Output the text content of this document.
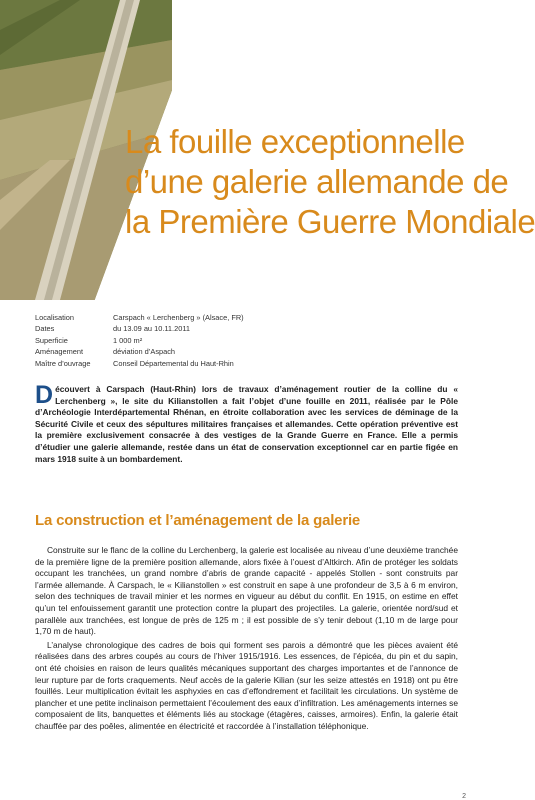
La fouille exceptionnelle
d’une galerie allemande de
la Première Guerre Mondiale
Localisation	Carspach « Lerchenberg » (Alsace, FR)
Dates	du 13.09 au 10.11.2011
Superficie	1 000 m²
Aménagement	déviation d’Aspach
Maître d’ouvrage	Conseil Départemental du Haut-Rhin
Découvert à Carspach (Haut-Rhin) lors de travaux d’aménagement routier de la colline du « Lerchenberg », le site du Kilianstollen a fait l’objet d’une fouille en 2011, réalisée par le Pôle d’Archéologie Interdépartemental Rhénan, en étroite collaboration avec les services de déminage de la Sécurité Civile et ceux des sépultures militaires françaises et allemandes. Cette opération préventive est la première exclusivement consacrée à des vestiges de la Grande Guerre en France. Elle a permis d’étudier une galerie allemande, restée dans un état de conservation exceptionnel car en partie figée en mars 1918 suite à un bombardement.
La construction et l’aménagement de la galerie

Construite sur le flanc de la colline du Lerchenberg, la galerie est localisée au niveau d’une deuxième tranchée de la première ligne de la première position allemande, alors fixée à l’ouest d’Altkirch. Afin de protéger les soldats occupant les tranchées, un grand nombre d’abris de grande capacité - appelés Stollen - sont construits par l’armée allemande. À Carspach, le « Kilianstollen » est construit en sape à une profondeur de 3,5 à 6 m environ, selon des techniques de travail minier et les normes en vigueur au début du conflit. En 1915, on estime en effet qu’un tel enfouissement garantit une protection contre la plupart des projectiles. La galerie, orientée nord/sud et parallèle aux tranchées, est longue de près de 125 m ; il est possible de s’y tenir debout (1,10 m de large pour 1,70 m de haut).

L’analyse chronologique des cadres de bois qui forment ses parois a démontré que les pièces avaient été réalisées dans des arbres coupés au cours de l’hiver 1915/1916. Les essences, de l’épicéa, du pin et du sapin, ont été choisies en raison de leurs qualités mécaniques supportant des charges importantes et de l’annonce de leur rupture par de forts craquements. Neuf accès de la galerie Kilian (sur les seize attestés en 1918) ont pu être fouillés. Leur multiplication évitait les asphyxies en cas d’effondrement et facilitait les circulations. Un système de plancher et une petite inclinaison permettaient l’écoulement des eaux d’infiltration. Les aménagements internes se composaient de lits, banquettes et éléments liés au stockage (étagères, caisses, armoires). Enfin, la galerie était chauffée par des poêles, alimentée en électricité et raccordée à l’installation téléphonique.

2
